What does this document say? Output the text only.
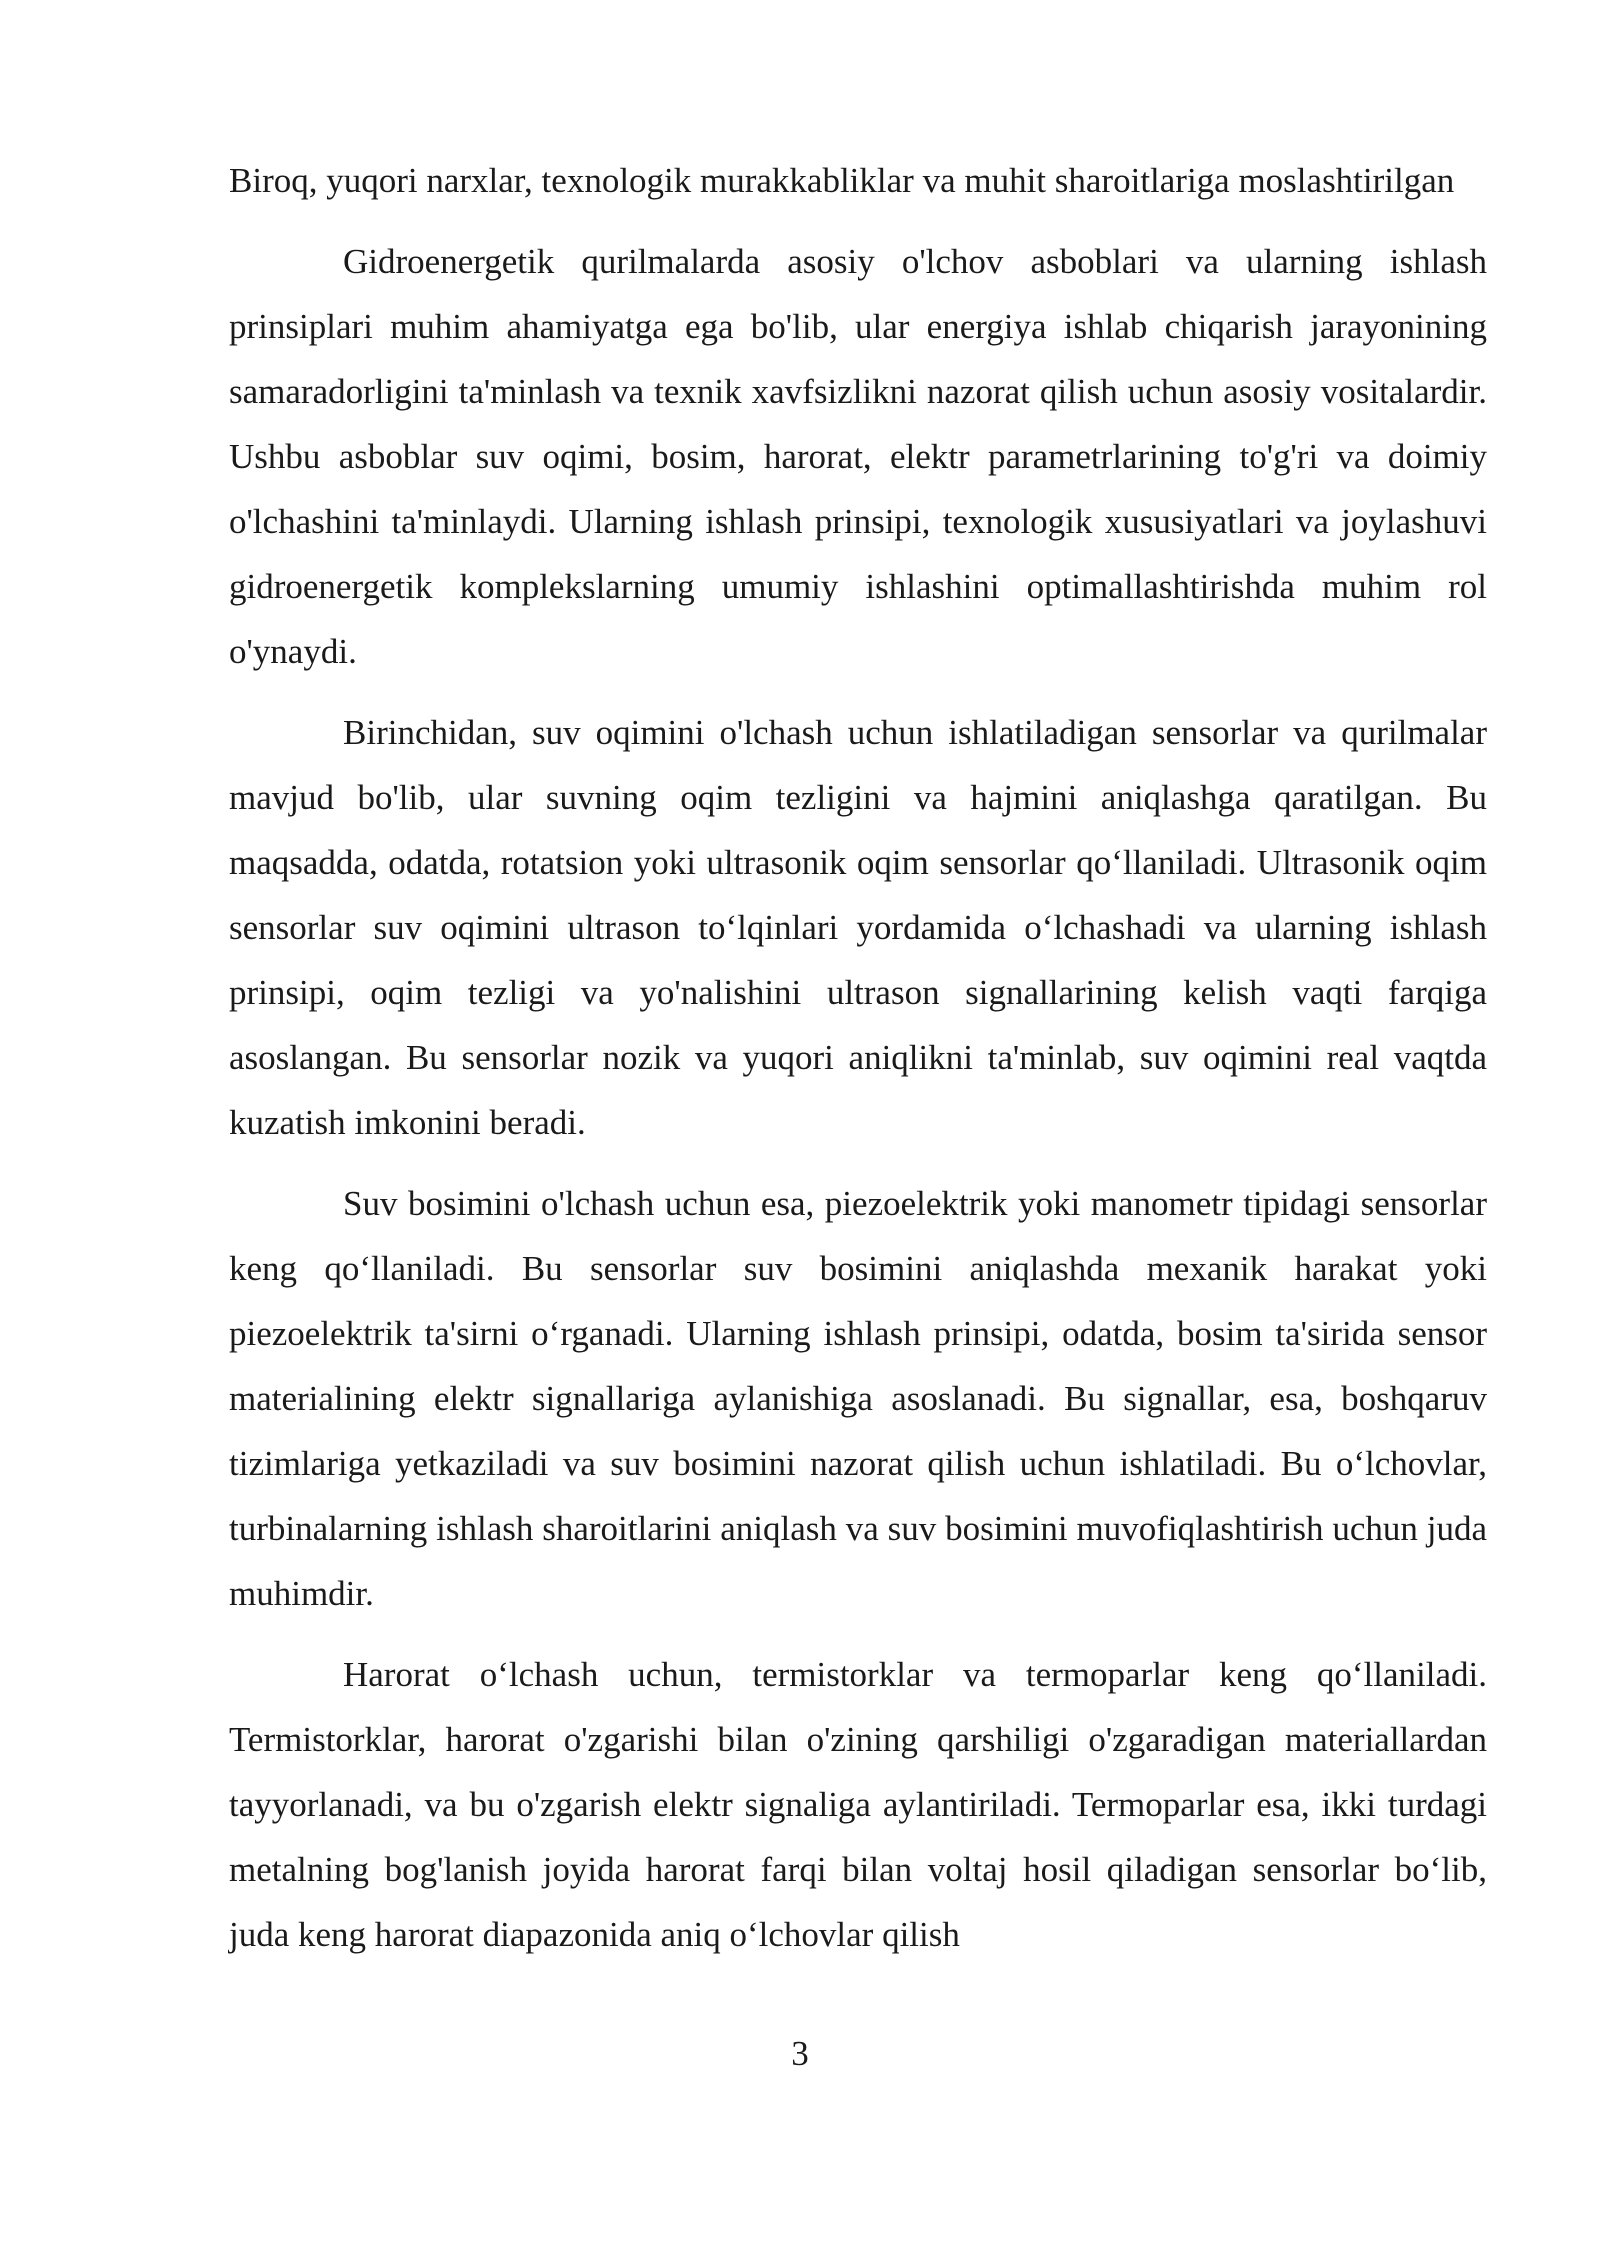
Biroq, yuqori narxlar, texnologik murakkabliklar va muhit sharoitlariga moslashtirilgan

Gidroenergetik qurilmalarda asosiy o'lchov asboblari va ularning ishlash prinsiplari muhim ahamiyatga ega bo'lib, ular energiya ishlab chiqarish jarayonining samaradorligini ta'minlash va texnik xavfsizlikni nazorat qilish uchun asosiy vositalardir. Ushbu asboblar suv oqimi, bosim, harorat, elektr parametrlarining to'g'ri va doimiy o'lchashini ta'minlaydi. Ularning ishlash prinsipi, texnologik xususiyatlari va joylashuvi gidroenergetik komplekslarning umumiy ishlashini optimallashtirishda muhim rol o'ynaydi.

Birinchidan, suv oqimini o'lchash uchun ishlatiladigan sensorlar va qurilmalar mavjud bo'lib, ular suvning oqim tezligini va hajmini aniqlashga qaratilgan. Bu maqsadda, odatda, rotatsion yoki ultrasonik oqim sensorlar qo‘llaniladi. Ultrasonik oqim sensorlar suv oqimini ultrason to‘lqinlari yordamida o‘lchashadi va ularning ishlash prinsipi, oqim tezligi va yo'nalishini ultrason signallarining kelish vaqti farqiga asoslangan. Bu sensorlar nozik va yuqori aniqlikni ta'minlab, suv oqimini real vaqtda kuzatish imkonini beradi.

Suv bosimini o'lchash uchun esa, piezoelektrik yoki manometr tipidagi sensorlar keng qo‘llaniladi. Bu sensorlar suv bosimini aniqlashda mexanik harakat yoki piezoelektrik ta'sirni o‘rganadi. Ularning ishlash prinsipi, odatda, bosim ta'sirida sensor materialining elektr signallariga aylanishiga asoslanadi. Bu signallar, esa, boshqaruv tizimlariga yetkaziladi va suv bosimini nazorat qilish uchun ishlatiladi. Bu o‘lchovlar, turbinalarning ishlash sharoitlarini aniqlash va suv bosimini muvofiqlashtirish uchun juda muhimdir.

Harorat o‘lchash uchun, termistorklar va termoparlar keng qo‘llaniladi. Termistorklar, harorat o'zgarishi bilan o'zining qarshiligi o'zgaradigan materiallardan tayyorlanadi, va bu o'zgarish elektr signaliga aylantiriladi. Termoparlar esa, ikki turdagi metalning bog'lanish joyida harorat farqi bilan voltaj hosil qiladigan sensorlar bo‘lib, juda keng harorat diapazonida aniq o‘lchovlar qilish

3
